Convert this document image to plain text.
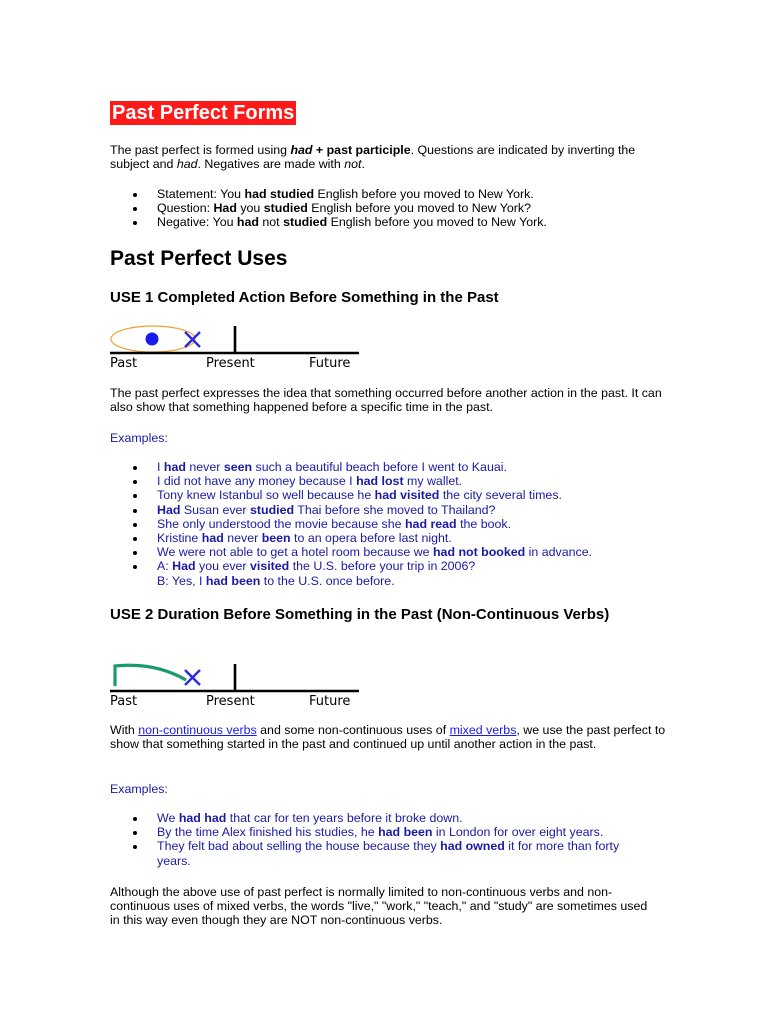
Past Perfect Forms

The past perfect is formed using had + past participle. Questions are indicated by inverting the subject and had. Negatives are made with not.

Statement: You had studied English before you moved to New York.
Question: Had you studied English before you moved to New York?
Negative: You had not studied English before you moved to New York.
Past Perfect Uses
USE 1 Completed Action Before Something in the Past
Past	Present	Future

The past perfect expresses the idea that something occurred before another action in the past. It can also show that something happened before a specific time in the past.

Examples:

I had never seen such a beautiful beach before I went to Kauai.
I did not have any money because I had lost my wallet.
Tony knew Istanbul so well because he had visited the city several times.
Had Susan ever studied Thai before she moved to Thailand?
She only understood the movie because she had read the book.
Kristine had never been to an opera before last night.
We were not able to get a hotel room because we had not booked in advance.
A: Had you ever visited the U.S. before your trip in 2006?
B: Yes, I had been to the U.S. once before.
USE 2 Duration Before Something in the Past (Non-Continuous Verbs)
Past	Present	Future

With non-continuous verbs and some non-continuous uses of mixed verbs, we use the past perfect to show that something started in the past and continued up until another action in the past.

Examples:

We had had that car for ten years before it broke down.
By the time Alex finished his studies, he had been in London for over eight years.
They felt bad about selling the house because they had owned it for more than forty years.

Although the above use of past perfect is normally limited to non-continuous verbs and non-continuous uses of mixed verbs, the words "live," "work," "teach," and "study" are sometimes used in this way even though they are NOT non-continuous verbs.
